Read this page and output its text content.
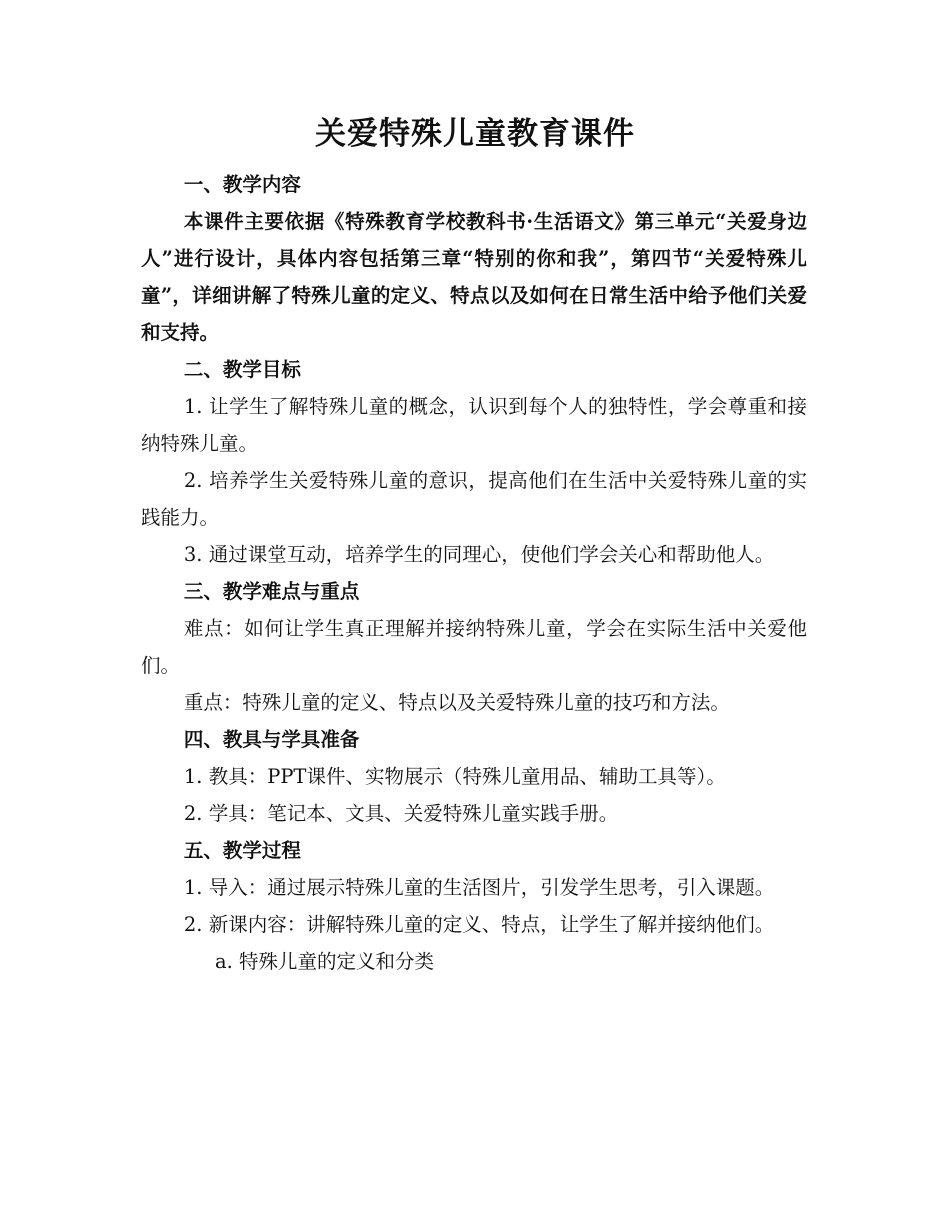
关爱特殊儿童教育课件

一、教学内容

本课件主要依据《特殊教育学校教科书·生活语文》第三单元“关爱身边人”进行设计，具体内容包括第三章“特别的你和我”，第四节“关爱特殊儿童”，详细讲解了特殊儿童的定义、特点以及如何在日常生活中给予他们关爱和支持。

二、教学目标

1. 让学生了解特殊儿童的概念，认识到每个人的独特性，学会尊重和接纳特殊儿童。

2. 培养学生关爱特殊儿童的意识，提高他们在生活中关爱特殊儿童的实践能力。

3. 通过课堂互动，培养学生的同理心，使他们学会关心和帮助他人。

三、教学难点与重点

难点：如何让学生真正理解并接纳特殊儿童，学会在实际生活中关爱他们。

重点：特殊儿童的定义、特点以及关爱特殊儿童的技巧和方法。

四、教具与学具准备

1. 教具：PPT课件、实物展示（特殊儿童用品、辅助工具等）。

2. 学具：笔记本、文具、关爱特殊儿童实践手册。

五、教学过程

1. 导入：通过展示特殊儿童的生活图片，引发学生思考，引入课题。

2. 新课内容：讲解特殊儿童的定义、特点，让学生了解并接纳他们。

a. 特殊儿童的定义和分类
